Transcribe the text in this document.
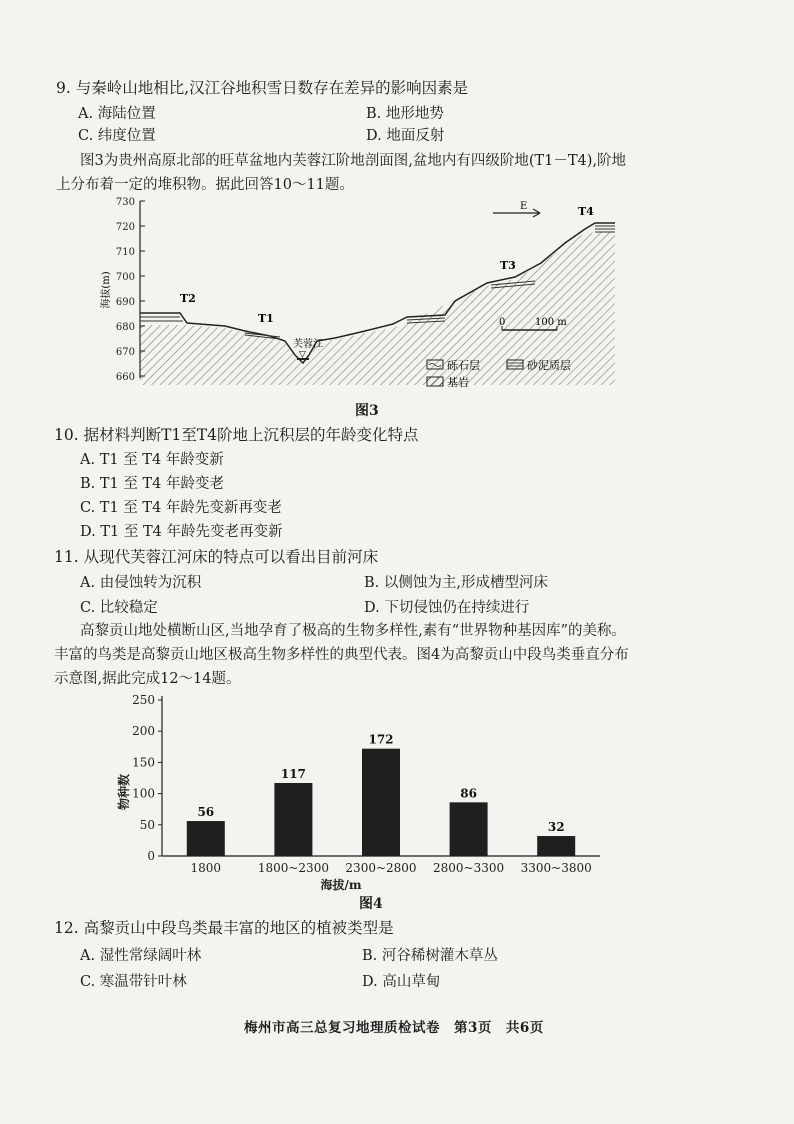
9. 与秦岭山地相比,汉江谷地积雪日数存在差异的影响因素是
A. 海陆位置	B. 地形地势
C. 纬度位置	D. 地面反射
图3为贵州高原北部的旺草盆地内芙蓉江阶地剖面图,盆地内有四级阶地(T1－T4),阶地
上分布着一定的堆积物。据此回答10～11题。
730
720
710
700
690
680
670
660
海拔(m)
芙蓉江
▽
T1
T2
T3
T4
E
0	100 m
砾石层	砂泥质层
基岩
图3
10. 据材料判断T1至T4阶地上沉积层的年龄变化特点
A. T1 至 T4 年龄变新
B. T1 至 T4 年龄变老
C. T1 至 T4 年龄先变新再变老
D. T1 至 T4 年龄先变老再变新
11. 从现代芙蓉江河床的特点可以看出目前河床
A. 由侵蚀转为沉积	B. 以侧蚀为主,形成槽型河床
C. 比较稳定	D. 下切侵蚀仍在持续进行
高黎贡山地处横断山区,当地孕育了极高的生物多样性,素有“世界物种基因库”的美称。
丰富的鸟类是高黎贡山地区极高生物多样性的典型代表。图4为高黎贡山中段鸟类垂直分布
示意图,据此完成12～14题。
0
50
100
150
200
250
物种数
56
1800
117
1800~2300
172
2300~2800
86
2800~3300
32
3300~3800
海拔/m
图4
12. 高黎贡山中段鸟类最丰富的地区的植被类型是
A. 湿性常绿阔叶林	B. 河谷稀树灌木草丛
C. 寒温带针叶林	D. 高山草甸
梅州市高三总复习地理质检试卷　第3页　共6页
